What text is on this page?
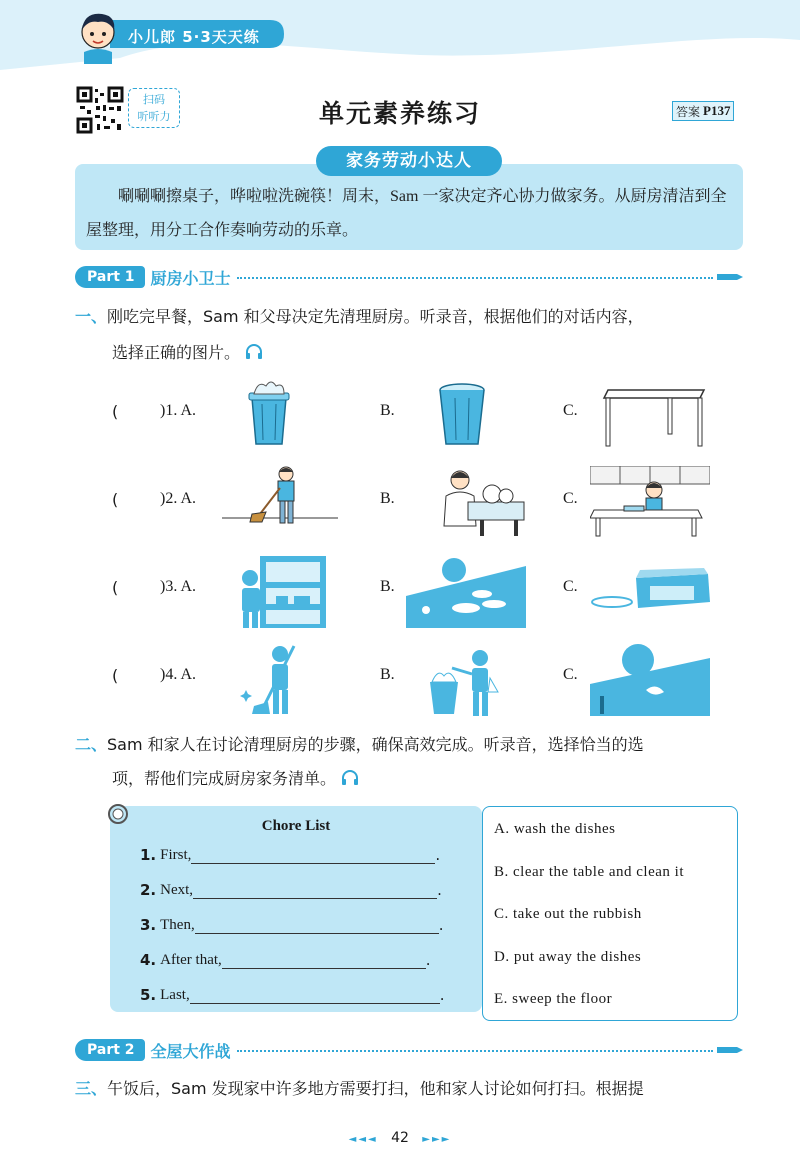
小儿郎 5·3天天练
扫码
听听力	单元素养练习	答案 P137
家务劳动小达人
唰唰唰擦桌子，哗啦啦洗碗筷！周末，Sam 一家决定齐心协力做家务。从厨房清洁到全屋整理，用分工合作奏响劳动的乐章。
Part 1	厨房小卫士
一、刚吃完早餐，Sam 和父母决定先清理厨房。听录音，根据他们的对话内容，
选择正确的图片。
(	)1. A.	B.	C.
(	)2. A.	B.	C.
(	)3. A.	B.	C.
(	)4. A.	B.	C.
二、Sam 和家人在讨论清理厨房的步骤，确保高效完成。听录音，选择恰当的选
项，帮他们完成厨房家务清单。
Chore List
1. First,	.
2. Next,	.
3. Then,	.
4. After that,	.
5. Last,	.
A. wash the dishes
B. clear the table and clean it
C. take out the rubbish
D. put away the dishes
E. sweep the floor
Part 2	全屋大作战
三、午饭后，Sam 发现家中许多地方需要打扫，他和家人讨论如何打扫。根据提
◄◄◄ 42 ►►►
